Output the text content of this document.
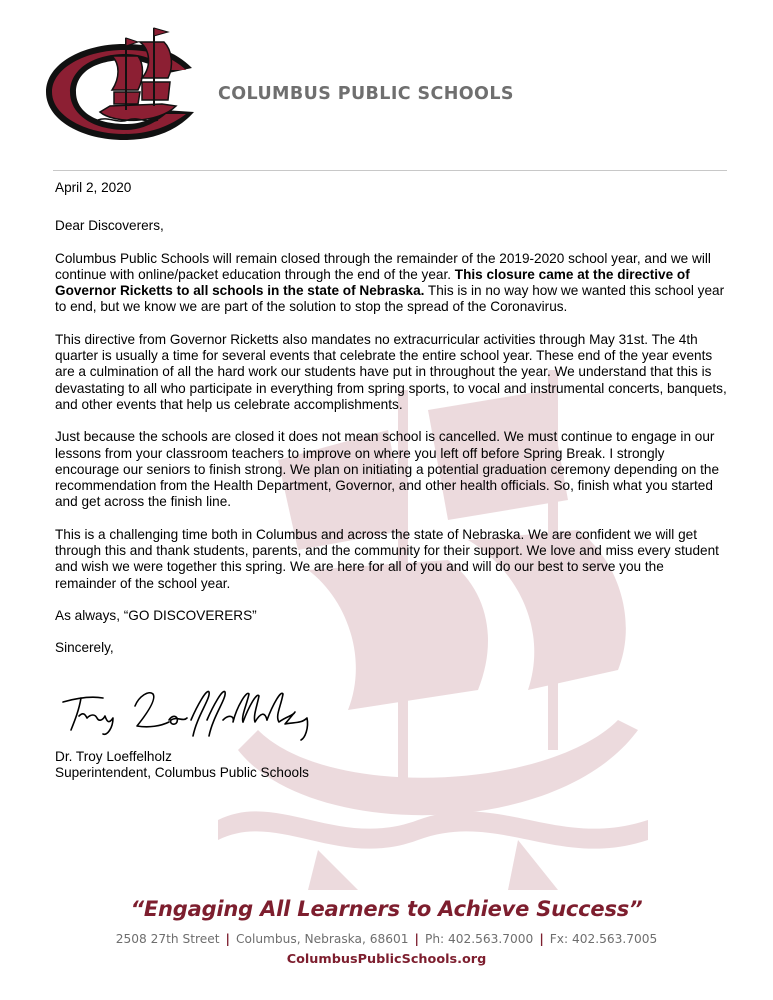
COLUMBUS PUBLIC SCHOOLS

April 2, 2020

Dear Discoverers,

Columbus Public Schools will remain closed through the remainder of the 2019-2020 school year, and we will continue with online/packet education through the end of the year. This closure came at the directive of Governor Ricketts to all schools in the state of Nebraska. This is in no way how we wanted this school year to end, but we know we are part of the solution to stop the spread of the Coronavirus.

This directive from Governor Ricketts also mandates no extracurricular activities through May 31st. The 4th quarter is usually a time for several events that celebrate the entire school year. These end of the year events are a culmination of all the hard work our students have put in throughout the year. We understand that this is devastating to all who participate in everything from spring sports, to vocal and instrumental concerts, banquets, and other events that help us celebrate accomplishments.

Just because the schools are closed it does not mean school is cancelled. We must continue to engage in our lessons from your classroom teachers to improve on where you left off before Spring Break. I strongly encourage our seniors to finish strong. We plan on initiating a potential graduation ceremony depending on the recommendation from the Health Department, Governor, and other health officials. So, finish what you started and get across the finish line.

This is a challenging time both in Columbus and across the state of Nebraska. We are confident we will get through this and thank students, parents, and the community for their support. We love and miss every student and wish we were together this spring. We are here for all of you and will do our best to serve you the remainder of the school year.

As always, “GO DISCOVERERS”

Sincerely,

Dr. Troy Loeffelholz
Superintendent, Columbus Public Schools
“Engaging All Learners to Achieve Success”
2508 27th Street | Columbus, Nebraska, 68601 | Ph: 402.563.7000 | Fx: 402.563.7005
ColumbusPublicSchools.org
